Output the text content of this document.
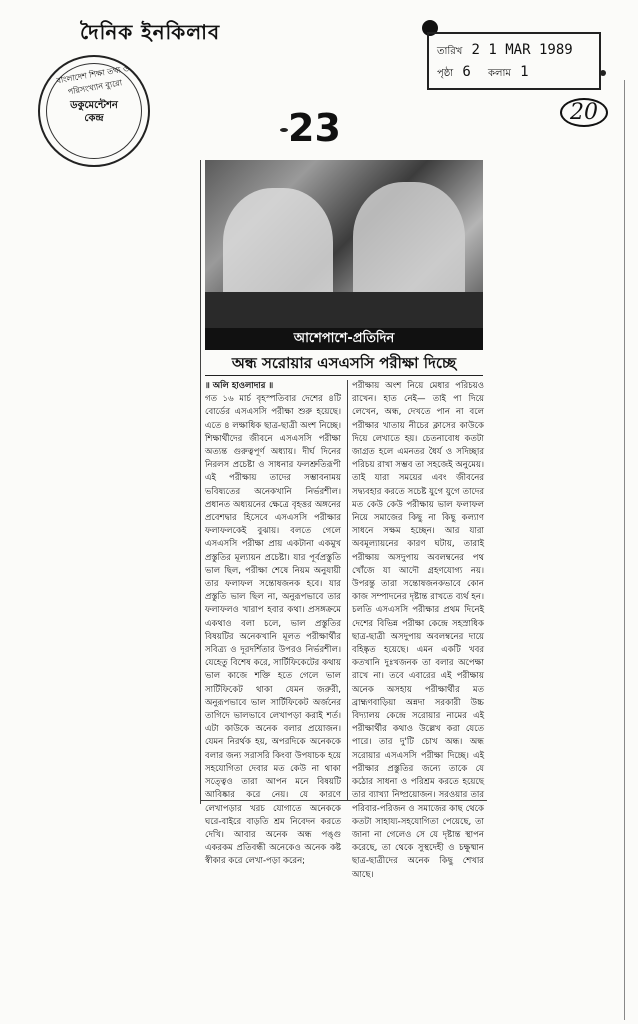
দৈনিক ইনকিলাব
বাংলাদেশ শিক্ষা তথ্য ও পরিসংখ্যান ব্যুরো
ডকুমেন্টেশন
কেন্দ্র
তারিখ 2 1 MAR 1989
পৃষ্ঠা 6 কলাম 1
20
23
আশেপাশে-প্রতিদিন
অন্ধ সরোয়ার এসএসসি পরীক্ষা দিচ্ছে

॥ অলি হাওলাদার ॥

গত ১৬ মার্চ বৃহস্পতিবার দেশের ৪টি বোর্ডের এসএসসি পরীক্ষা শুরু হয়েছে। এতে ৪ লক্ষাধিক ছাত্র-ছাত্রী অংশ নিচ্ছে। শিক্ষার্থীদের জীবনে এসএসসি পরীক্ষা অত্যন্ত গুরুত্বপূর্ণ অধ্যায়। দীর্ঘ দিনের নিরলস প্রচেষ্টা ও সাধনার ফলশ্রুতিরূপী এই পরীক্ষায় তাদের সম্ভাবনাময় ভবিষ্যতের অনেকখানি নির্ভরশীল। প্রধানত অধ্যয়নের ক্ষেত্রে বৃহত্তর অঙ্গনের প্রবেশদ্বার হিসেবে এসএসসি পরীক্ষার ফলাফলকেই বুঝায়। বলতে গেলে এসএসসি পরীক্ষা প্রায় একটানা একমুখ প্রস্তুতির মূল্যায়ন প্রচেষ্টা। যার পূর্বপ্রস্তুতি ভাল ছিল, পরীক্ষা শেষে নিয়ম অনুযায়ী তার ফলাফল সন্তোষজনক হবে। যার প্রস্তুতি ভাল ছিল না, অনুরূপভাবে তার ফলাফলও খারাপ হবার কথা। প্রসঙ্গক্রমে একথাও বলা চলে, ভাল প্রস্তুতির বিষয়টির অনেকখানি মূলত পরীক্ষার্থীর সবিত্র্য ও দূরদর্শিতার উপরও নির্ভরশীল। যেহেতু বিশেষ করে, সার্টিফিকেটের কথায় ভাল কাজে শক্তি হতে গেলে ভাল সার্টিফিকেট থাকা যেমন জরুরী, অনুরূপভাবে ভাল সার্টিফিকেট অর্জনের তাগিদে ভালভাবে লেখাপড়া করাই শর্ত। এটা কাউকে অনেক বলার প্রয়োজন। যেমন নিরর্থক হয়, অপরদিকে অনেককে বলার জন্য সরাসরি কিংবা উপযাচক হয়ে সহযোগিতা দেবার মত কেউ না থাকা সত্ত্বেও তারা আপন মনে বিষয়টি আবিষ্কার করে নেয়। যে কারণে লেখাপড়ার খরচ যোগাতে অনেককে ঘরে-বাইরে বাড়তি শ্রম নিবেদন করতে দেখি। আবার অনেক অন্ধ পঙ্গু একরকম প্রতিবন্ধী অনেকেও অনেক কষ্ট স্বীকার করে লেখা-পড়া করেন;

পরীক্ষায় অংশ নিয়ে মেধার পরিচয়ও রাখেন। হাত নেই— তাই পা দিয়ে লেখেন, অন্ধ, দেখতে পান না বলে পরীক্ষার খাতায় নীচের ক্লাসের কাউকে দিয়ে লেখাতে হয়। চেতনাবোধ কতটা জাগ্রত হলে এমনতর ধৈর্য ও সদিচ্ছার পরিচয় রাখা সম্ভব তা সহজেই অনুমেয়। তাই যারা সময়ের এবং জীবনের সদ্ব্যবহার করতে সচেষ্ট যুগে যুগে তাদের মত কেউ কেউ পরীক্ষায় ভাল ফলাফল নিয়ে সমাজের কিছু না কিছু কল্যাণ সাধনে সক্ষম হচ্ছেন। আর যারা অবমূল্যায়নের কারণ ঘটায়, তারাই পরীক্ষায় অসদুপায় অবলম্বনের পথ খোঁজে যা আদৌ গ্রহণযোগ্য নয়। উপরন্তু তারা সন্তোষজনকভাবে কোন কাজ সম্পাদনের দৃষ্টান্ত রাখতে ব্যর্থ হন। চলতি এসএসসি পরীক্ষার প্রথম দিনেই দেশের বিভিন্ন পরীক্ষা কেন্দ্রে সহস্রাধিক ছাত্র-ছাত্রী অসদুপায় অবলম্বনের দায়ে বহিষ্কৃত হয়েছে। এমন একটি খবর কতখানি দুঃখজনক তা বলার অপেক্ষা রাখে না। তবে এবারের এই পরীক্ষায় অনেক অসহায় পরীক্ষার্থীর মত ব্রাহ্মণবাড়িয়া অন্নদা সরকারী উচ্চ বিদ্যালয় কেন্দ্রে সরোয়ার নামের এই পরীক্ষার্থীর কথাও উল্লেখ করা যেতে পারে। তার দু'টি চোখ অন্ধ। অন্ধ সরোয়ার এসএসসি পরীক্ষা দিচ্ছে। এই পরীক্ষার প্রস্তুতির জন্যে তাকে যে কঠোর সাধনা ও পরিশ্রম করতে হয়েছে তার ব্যাখ্যা নিষ্প্রয়োজন। সরওয়ার তার পরিবার-পরিজন ও সমাজের কাছ থেকে কতটা সাহায্য-সহযোগিতা পেয়েছে, তা জানা না গেলেও সে যে দৃষ্টান্ত স্থাপন করেছে, তা থেকে সুস্থদেহী ও চক্ষুষ্মান ছাত্র-ছাত্রীদের অনেক কিছু শেখার আছে।
